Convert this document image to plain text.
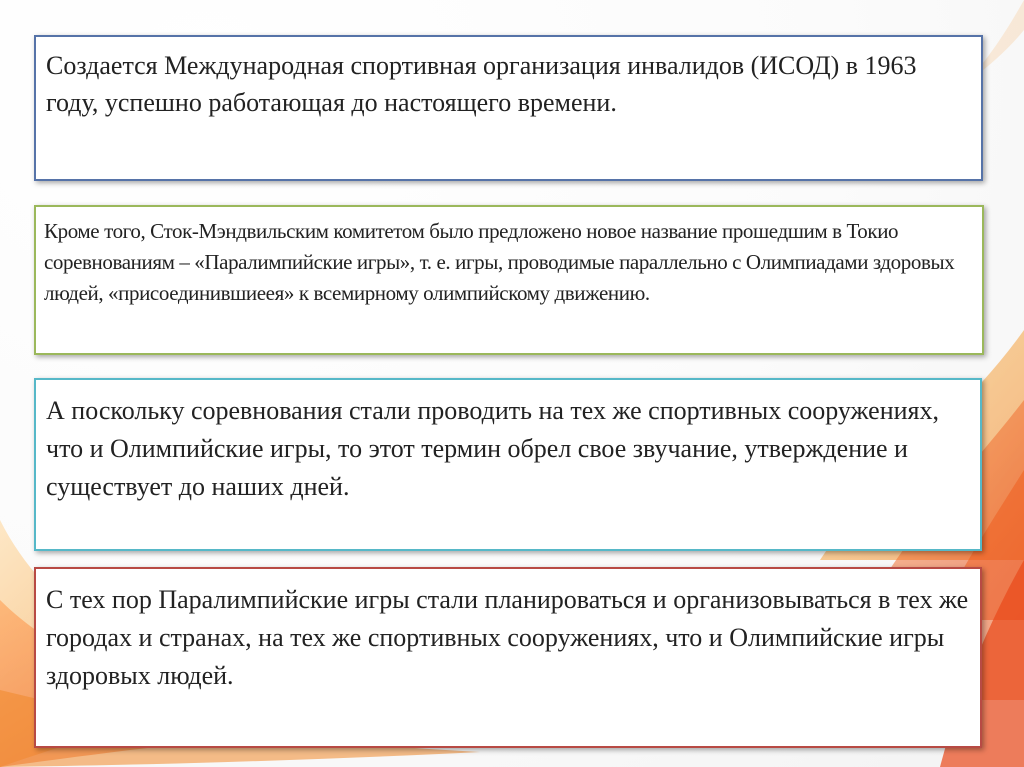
Создается Международная спортивная организация инвалидов (ИСОД) в 1963 году, успешно работающая до настоящего времени.

Кроме того, Сток-Мэндвильским комитетом было предложено новое название прошедшим в Токио соревнованиям – «Паралимпийские игры», т. е. игры, проводимые параллельно с Олимпиадами здоровых людей, «присоединившиеея» к всемирному олимпийскому движению.

А поскольку соревнования стали проводить на тех же спортивных сооружениях, что и Олимпийские игры, то этот термин обрел свое звучание, утверждение и существует до наших дней.

С тех пор Паралимпийские игры стали планироваться и организовываться в тех же городах и странах, на тех же спортивных сооружениях, что и Олимпийские игры здоровых людей.
